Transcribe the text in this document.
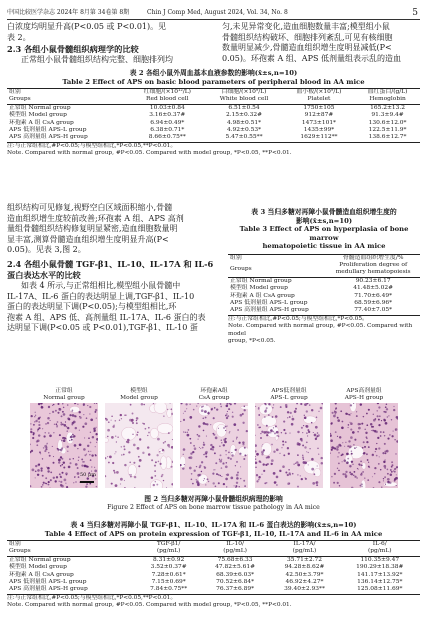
中国比较医学杂志 2024年 8月第 34卷第 8期	Chin J Comp Med, August 2024, Vol. 34, No. 8	5

白浓度均明显升高(P<0.05 或 P<0.01)。见

表 2。

2.3 各组小鼠骨髓组织病理学的比较

正常组小鼠骨髓组织结构完整、细胞排列均

匀,未见异常变化,造血细胞数量丰富;模型组小鼠

骨髓组织结构破坏、细胞排列紊乱,可见有核细胞

数量明显减少,骨髓造血组织增生度明显减低(P<

0.05)。环孢素 A 组、APS 低剂量组表示乱的造血

表 2 各组小鼠外周血基本血液参数的影响(x̄±s,n=10)

Table 2 Effect of APS on basic blood parameters of peripheral blood in AA mice

组别	红细胞/(×10¹²/L)	白细胞/(×10⁹/L)	血小板/(×10⁹/L)	血红蛋白/(g/L)
Groups	Red blood cell	White blood cell	Platelet	Hemoglobin
正常组 Normal group	10.03±0.84	6.51±0.54	1750±105	165.2±13.2
模型组 Model group	3.16±0.37#	2.15±0.32#	912±87#	91.3±9.4#
环孢素 A 组 CsA group	6.94±0.49*	4.98±0.51*	1473±101*	130.6±12.0*
APS 低剂量组 APS-L group	6.38±0.71*	4.92±0.53*	1435±99*	122.5±11.9*
APS 高剂量组 APS-H group	8.66±0.75**	5.47±0.55**	1629±112**	138.6±12.7*

注:与正常组相比,#P<0.05;与模型组相比,*P<0.05,**P<0.01。

Note. Compared with normal group, #P<0.05. Compared with model group, *P<0.05, **P<0.01.

组织结构可见修复,视野空白区域面积缩小,骨髓

造血组织增生度较前改善;环孢素 A 组、APS 高剂

量组骨髓组织结构修复明显紧密,造血细胞数量明

显丰富,测算骨髓造血组织增生度明显升高(P<

0.05)。见表 3,图 2。

2.4 各组小鼠骨髓 TGF-β1、IL-10、IL-17A 和 IL-6

蛋白表达水平的比较

如表 4 所示,与正常组相比,模型组小鼠骨髓中

IL-17A、IL-6 蛋白的表达明显上调,TGF-β1、IL-10

蛋白的表达明显下调(P<0.05);与模型组相比,环

孢素 A 组、APS 低、高剂量组 IL-17A、IL-6 蛋白的表

达明显下调(P<0.05 或 P<0.01),TGF-β1、IL-10 蛋

表 3 当归多糖对再障小鼠骨髓造血组织增生度的

影响(x̄±s,n=10)

Table 3 Effect of APS on hyperplasia of bone marrow

hematopoietic tissue in AA mice

组别	骨髓造血组织增生度/%
Groups	Proliferation degree of
medullary hematopoiesis

正常组 Normal group	90.23±6.17
模型组 Model group	41.48±5.02#
环孢素 A 组 CsA group	71.70±6.49*
APS 低剂量组 APS-L group	68.59±6.96*
APS 高剂量组 APS-H group	77.40±7.05*

注:与正常组相比,#P<0.05;与模型组相比,*P<0.05。

Note. Compared with normal group, #P<0.05. Compared with model

group, *P<0.05.

正常组
Normal group
模型组
Model group
环孢素A组
CsA group
APS低剂量组
APS-L group
APS高剂量组
APS-H group
50 μm

图 2 当归多糖对再障小鼠骨髓组织病理的影响

Figure 2 Effect of APS on bone marrow tissue pathology in AA mice

表 4 当归多糖对再障小鼠 TGF-β1、IL-10、IL-17A 和 IL-6 蛋白表达的影响(x̄±s,n=10)

Table 4 Effect of APS on protein expression of TGF-β1, IL-10, IL-17A and IL-6 in AA mice

组别	TGF-β1/	IL-10/	IL-17A/	IL-6/
Groups	(pg/mL)	(pg/mL)	(pg/mL)	(pg/mL)
正常组 Normal group	8.31±0.92	75.68±6.33	35.71±2.72	110.35±9.47
模型组 Model group	3.52±0.37#	47.82±5.61#	94.28±8.62#	190.29±18.38#
环孢素 A 组 CsA group	7.28±0.61*	68.39±6.03*	42.50±3.79*	141.17±13.92*
APS 低剂量组 APS-L group	7.15±0.69*	70.52±6.84*	46.92±4.27*	136.14±12.75*
APS 高剂量组 APS-H group	7.84±0.75**	76.37±6.89*	39.40±2.93**	125.08±11.69*

注:与正常组相比,#P<0.05;与模型组相比,*P<0.05,**P<0.01。

Note. Compared with normal group, #P<0.05. Compared with model group, *P<0.05, **P<0.01.
